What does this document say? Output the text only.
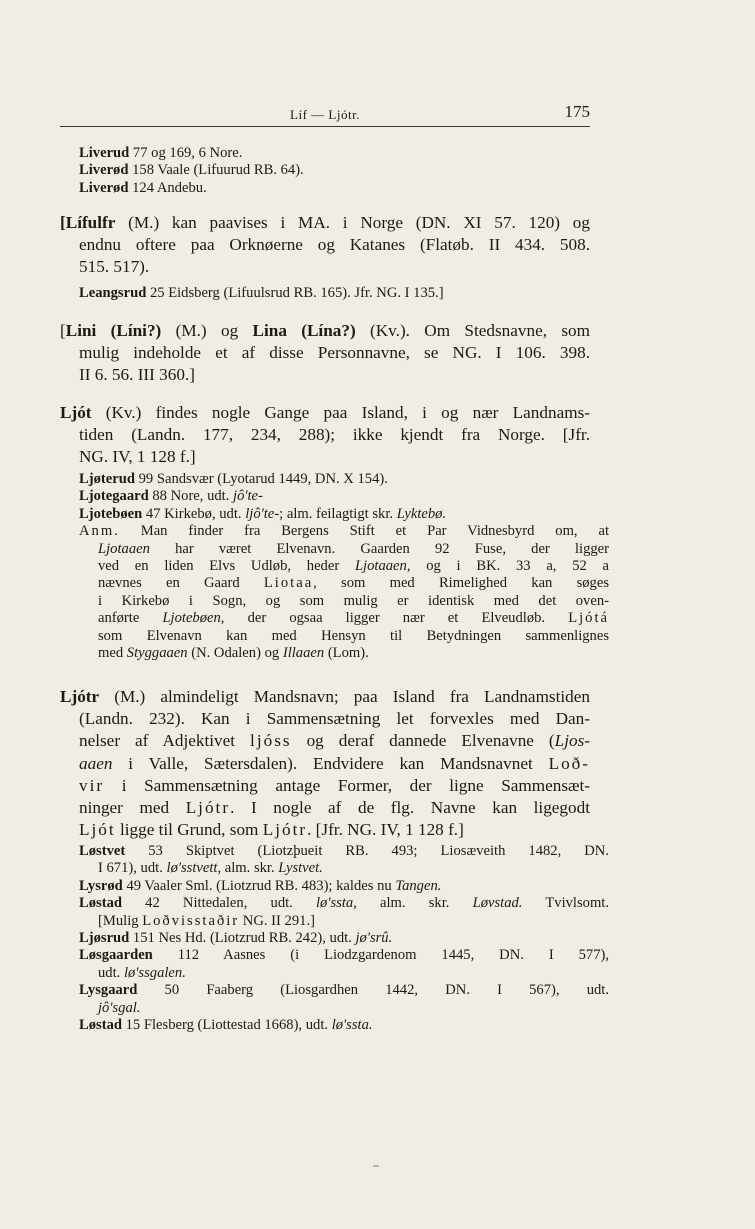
Líf — Ljótr.	175
Liverud 77 og 169, 6 Nore.
Liverød 158 Vaale (Lifuurud RB. 64).
Liverød 124 Andebu.
[Lífulfr (M.) kan paavises i MA. i Norge (DN. XI 57. 120) og
endnu oftere paa Orknøerne og Katanes (Flatøb. II 434. 508.
515. 517).
Leangsrud 25 Eidsberg (Lifuulsrud RB. 165). Jfr. NG. I 135.]
[Lini (Líni?) (M.) og Lina (Lína?) (Kv.). Om Stedsnavne, som
mulig indeholde et af disse Personnavne, se NG. I 106. 398.
II 6. 56. III 360.]
Ljót (Kv.) findes nogle Gange paa Island, i og nær Landnams-
tiden (Landn. 177, 234, 288); ikke kjendt fra Norge. [Jfr.
NG. IV, 1 128 f.]
Ljøterud 99 Sandsvær (Lyotarud 1449, DN. X 154).
Ljotegaard 88 Nore, udt. jô'te-
Ljotebøen 47 Kirkebø, udt. ljô'te-; alm. feilagtigt skr. Lyktebø.
Anm. Man finder fra Bergens Stift et Par Vidnesbyrd om, at
Ljotaaen har været Elvenavn. Gaarden 92 Fuse, der ligger
ved en liden Elvs Udløb, heder Ljotaaen, og i BK. 33 a, 52 a
nævnes en Gaard Liotaa, som med Rimelighed kan søges
i Kirkebø i Sogn, og som mulig er identisk med det oven-
anførte Ljotebøen, der ogsaa ligger nær et Elveudløb. Ljótá
som Elvenavn kan med Hensyn til Betydningen sammenlignes
med Styggaaen (N. Odalen) og Illaaen (Lom).
Ljótr (M.) almindeligt Mandsnavn; paa Island fra Landnamstiden
(Landn. 232). Kan i Sammensætning let forvexles med Dan-
nelser af Adjektivet ljóss og deraf dannede Elvenavne (Ljos-
aaen i Valle, Sætersdalen). Endvidere kan Mandsnavnet Loð-
vir i Sammensætning antage Former, der ligne Sammensæt-
ninger med Ljótr. I nogle af de flg. Navne kan ligegodt
Ljót ligge til Grund, som Ljótr. [Jfr. NG. IV, 1 128 f.]
Løstvet 53 Skiptvet (Liotzþueit RB. 493; Liosæveith 1482, DN.
I 671), udt. lø'sstvett, alm. skr. Lystvet.
Lysrød 49 Vaaler Sml. (Liotzrud RB. 483); kaldes nu Tangen.
Løstad 42 Nittedalen, udt. lø'ssta, alm. skr. Løvstad. Tvivlsomt.
[Mulig Loðvisstaðir NG. II 291.]
Ljøsrud 151 Nes Hd. (Liotzrud RB. 242), udt. jø'srû.
Løsgaarden 112 Aasnes (i Liodzgardenom 1445, DN. I 577),
udt. lø'ssgalen.
Lysgaard 50 Faaberg (Liosgardhen 1442, DN. I 567), udt.
jô'sgal.
Løstad 15 Flesberg (Liottestad 1668), udt. lø'ssta.
